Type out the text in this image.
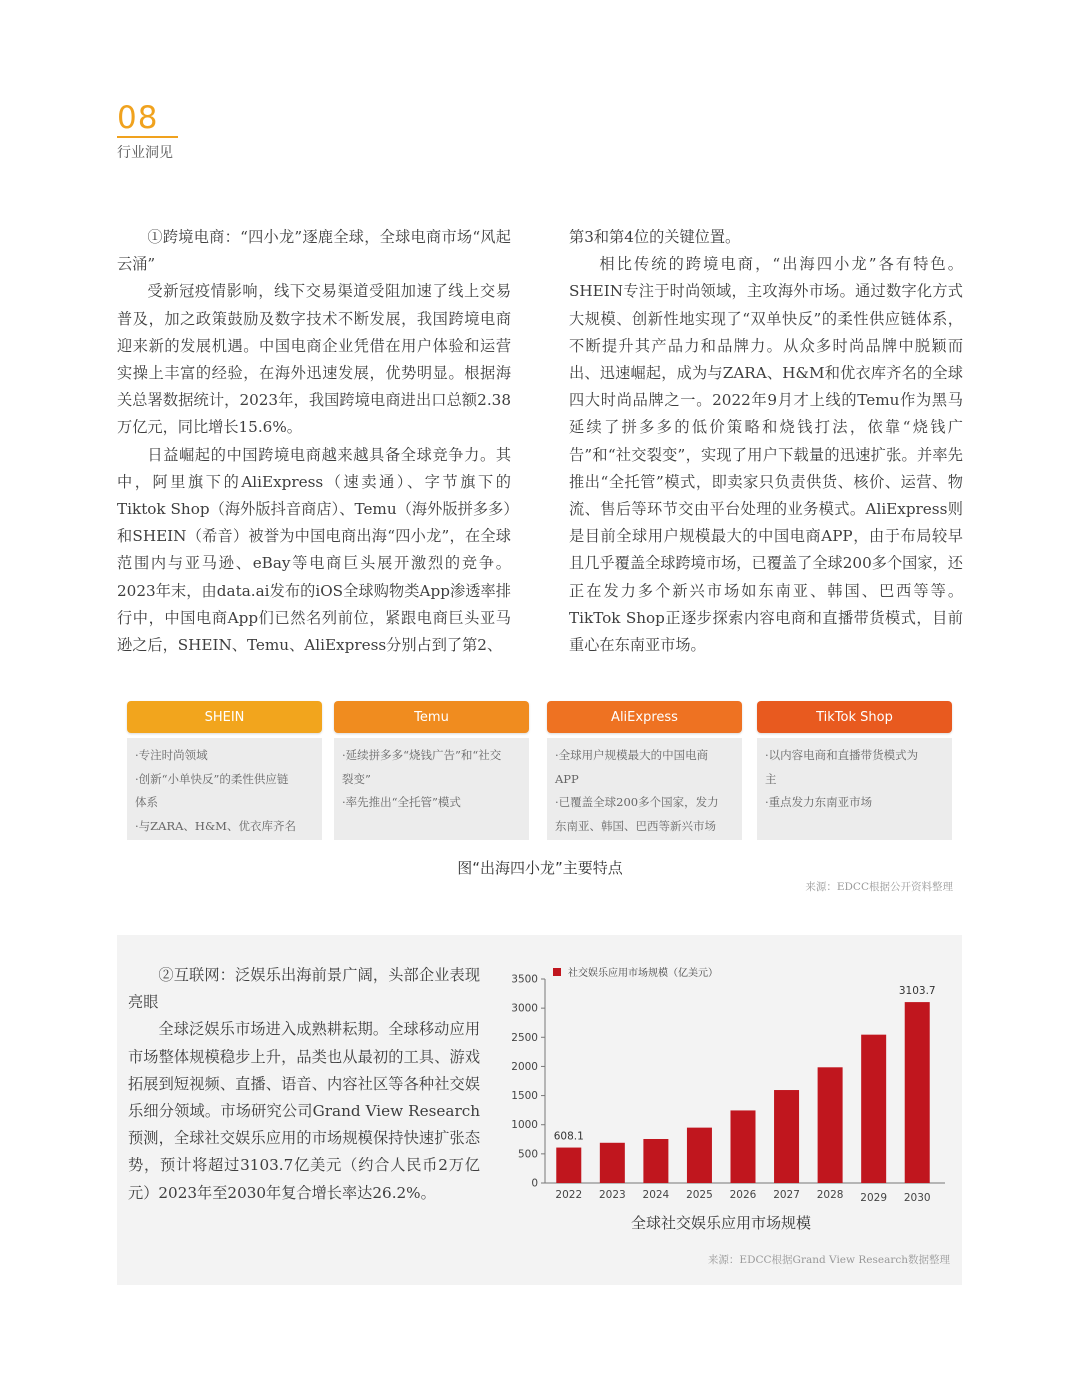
08
行业洞见

①跨境电商：“四小龙”逐鹿全球，全球电商市场“风起云涌”

受新冠疫情影响，线下交易渠道受阻加速了线上交易普及，加之政策鼓励及数字技术不断发展，我国跨境电商迎来新的发展机遇。中国电商企业凭借在用户体验和运营实操上丰富的经验，在海外迅速发展，优势明显。根据海关总署数据统计，2023年，我国跨境电商进出口总额2.38万亿元，同比增长15.6%。

日益崛起的中国跨境电商越来越具备全球竞争力。其中，阿里旗下的AliExpress（速卖通）、字节旗下的Tiktok Shop（海外版抖音商店）、Temu（海外版拼多多）和SHEIN（希音）被誉为中国电商出海“四小龙”，在全球范围内与亚马逊、eBay等电商巨头展开激烈的竞争。2023年末，由data.ai发布的iOS全球购物类App渗透率排行中，中国电商App们已然名列前位，紧跟电商巨头亚马逊之后，SHEIN、Temu、AliExpress分别占到了第2、

第3和第4位的关键位置。

相比传统的跨境电商，“出海四小龙”各有特色。SHEIN专注于时尚领域，主攻海外市场。通过数字化方式大规模、创新性地实现了“双单快反”的柔性供应链体系，不断提升其产品力和品牌力。从众多时尚品牌中脱颖而出、迅速崛起，成为与ZARA、H&M和优衣库齐名的全球四大时尚品牌之一。2022年9月才上线的Temu作为黑马延续了拼多多的低价策略和烧钱打法，依靠“烧钱广告”和“社交裂变”，实现了用户下载量的迅速扩张。并率先推出“全托管”模式，即卖家只负责供货、核价、运营、物流、售后等环节交由平台处理的业务模式。AliExpress则是目前全球用户规模最大的中国电商APP，由于布局较早且几乎覆盖全球跨境市场，已覆盖了全球200多个国家，还正在发力多个新兴市场如东南亚、韩国、巴西等等。TikTok Shop正逐步探索内容电商和直播带货模式，目前重心在东南亚市场。

SHEIN
·专注时尚领域
·创新“小单快反”的柔性供应链
体系
·与ZARA、H&M、优衣库齐名
Temu
·延续拼多多“烧钱广告”和“社交
裂变”
·率先推出“全托管”模式
AliExpress
·全球用户规模最大的中国电商
APP
·已覆盖全球200多个国家，发力
东南亚、韩国、巴西等新兴市场
TikTok Shop
·以内容电商和直播带货模式为
主
·重点发力东南亚市场
图“出海四小龙”主要特点
来源：EDCC根据公开资料整理

②互联网：泛娱乐出海前景广阔，头部企业表现亮眼

全球泛娱乐市场进入成熟耕耘期。全球移动应用市场整体规模稳步上升，品类也从最初的工具、游戏拓展到短视频、直播、语音、内容社区等各种社交娱乐细分领域。市场研究公司Grand View Research预测，全球社交娱乐应用的市场规模保持快速扩张态势，预计将超过3103.7亿美元（约合人民币2万亿元）2023年至2030年复合增长率达26.2%。

0
500
1000
1500
2000
2500
3000
3500	社交娱乐应用市场规模（亿美元）
2022
608.1
2023 2024 2025 2026 2027 2028 2029 2030
3103.7
全球社交娱乐应用市场规模
来源：EDCC根据Grand View Research数据整理
